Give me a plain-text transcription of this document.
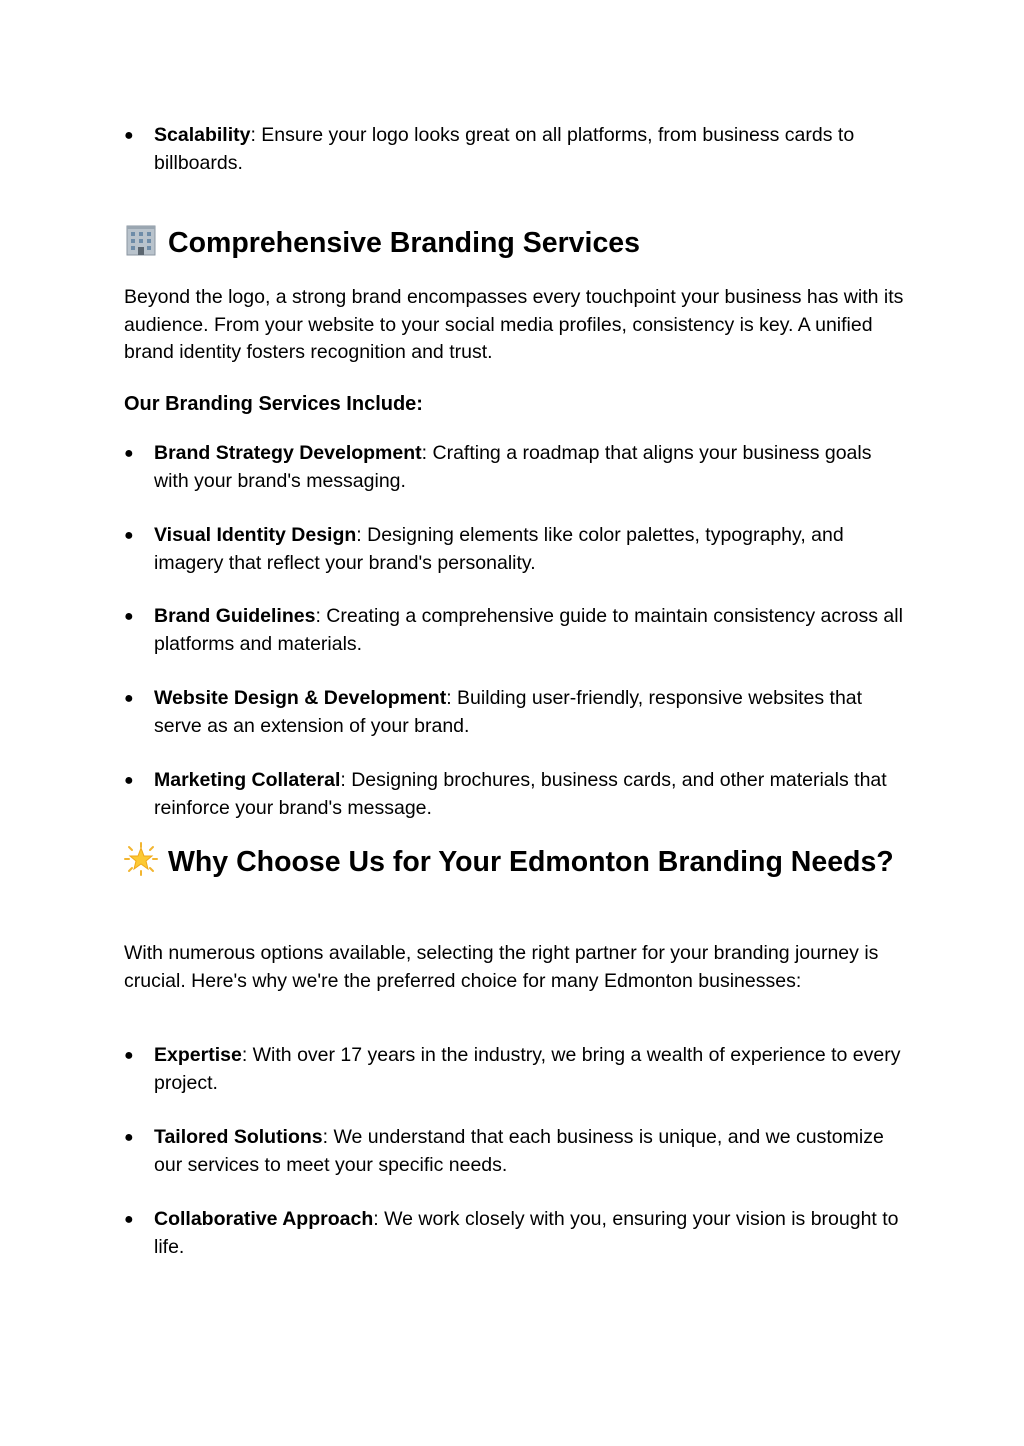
●	Scalability: Ensure your logo looks great on all platforms, from business cards to billboards.
Comprehensive Branding Services
Beyond the logo, a strong brand encompasses every touchpoint your business has with its audience. From your website to your social media profiles, consistency is key. A unified brand identity fosters recognition and trust.
Our Branding Services Include:
●	Brand Strategy Development: Crafting a roadmap that aligns your business goals with your brand's messaging.
●	Visual Identity Design: Designing elements like color palettes, typography, and imagery that reflect your brand's personality.
●	Brand Guidelines: Creating a comprehensive guide to maintain consistency across all platforms and materials.
●	Website Design & Development: Building user-friendly, responsive websites that serve as an extension of your brand.
●	Marketing Collateral: Designing brochures, business cards, and other materials that reinforce your brand's message.
Why Choose Us for Your Edmonton Branding Needs?
With numerous options available, selecting the right partner for your branding journey is crucial. Here's why we're the preferred choice for many Edmonton businesses:
●	Expertise: With over 17 years in the industry, we bring a wealth of experience to every project.
●	Tailored Solutions: We understand that each business is unique, and we customize our services to meet your specific needs.
●	Collaborative Approach: We work closely with you, ensuring your vision is brought to life.
